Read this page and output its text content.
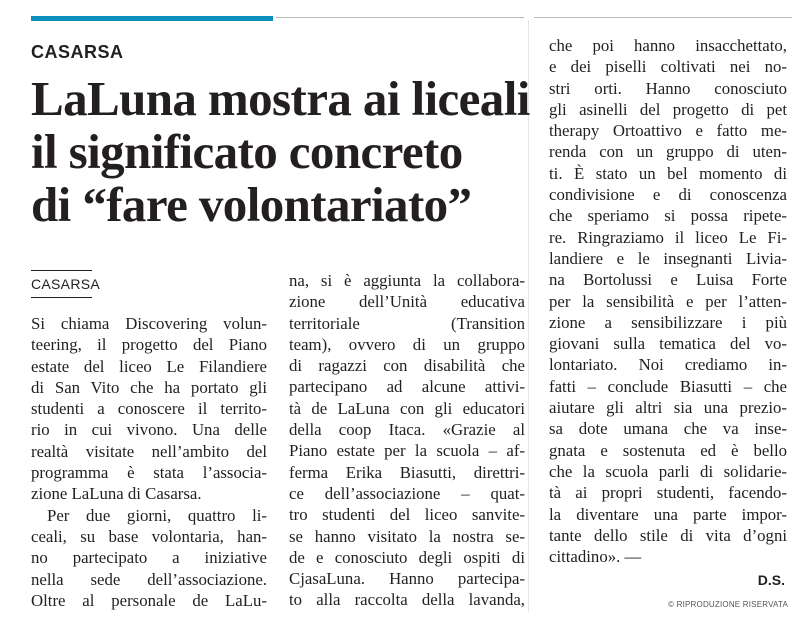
CASARSA
LaLuna mostra ai liceali
il significato concreto
di “fare volontariato”
CASARSA
Si chiama Discovering volun-
teering, il progetto del Piano
estate del liceo Le Filandiere
di San Vito che ha portato gli
studenti a conoscere il territo-
rio in cui vivono. Una delle
realtà visitate nell’ambito del
programma è stata l’associa-
zione LaLuna di Casarsa.
Per due giorni, quattro li-
ceali, su base volontaria, han-
no partecipato a iniziative
nella sede dell’associazione.
Oltre al personale de LaLu-
na, si è aggiunta la collabora-
zione dell’Unità educativa
territoriale (Transition
team), ovvero di un gruppo
di ragazzi con disabilità che
partecipano ad alcune attivi-
tà de LaLuna con gli educatori
della coop Itaca. «Grazie al
Piano estate per la scuola – af-
ferma Erika Biasutti, direttri-
ce dell’associazione – quat-
tro studenti del liceo sanvite-
se hanno visitato la nostra se-
de e conosciuto degli ospiti di
CjasaLuna. Hanno partecipa-
to alla raccolta della lavanda,
che poi hanno insacchettato,
e dei piselli coltivati nei no-
stri orti. Hanno conosciuto
gli asinelli del progetto di pet
therapy Ortoattivo e fatto me-
renda con un gruppo di uten-
ti. È stato un bel momento di
condivisione e di conoscenza
che speriamo si possa ripete-
re. Ringraziamo il liceo Le Fi-
landiere e le insegnanti Livia-
na Bortolussi e Luisa Forte
per la sensibilità e per l’atten-
zione a sensibilizzare i più
giovani sulla tematica del vo-
lontariato. Noi crediamo in-
fatti – conclude Biasutti – che
aiutare gli altri sia una prezio-
sa dote umana che va inse-
gnata e sostenuta ed è bello
che la scuola parli di solidarie-
tà ai propri studenti, facendo-
la diventare una parte impor-
tante dello stile di vita d’ogni
cittadino». —
D.S.
© RIPRODUZIONE RISERVATA
